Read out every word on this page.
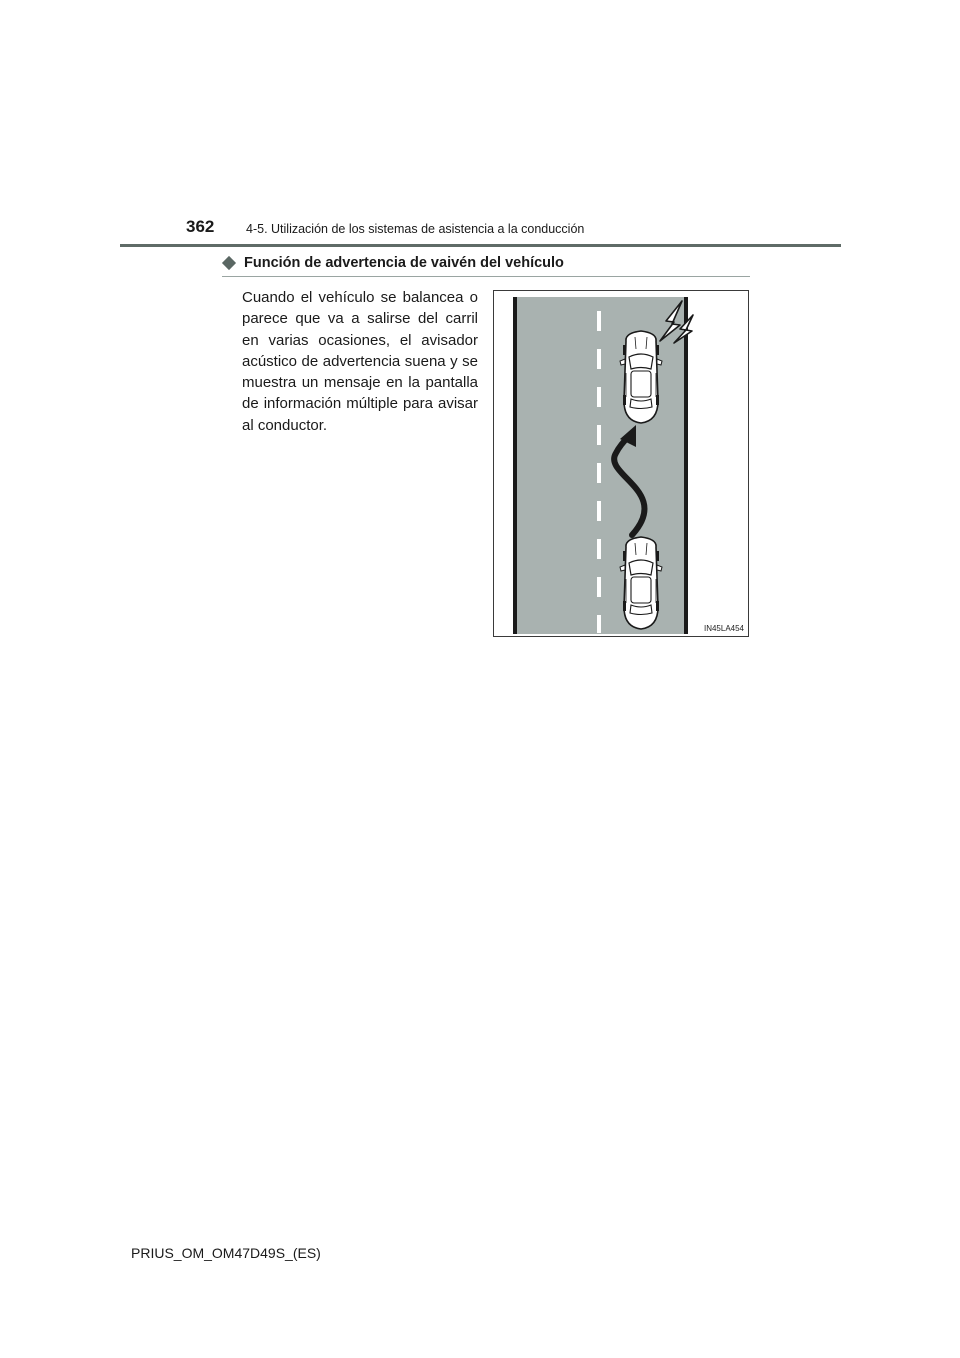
362	4-5. Utilización de los sistemas de asistencia a la conducción
Función de advertencia de vaivén del vehículo
Cuando el vehículo se balancea o parece que va a salirse del carril en varias ocasiones, el avisador acústico de advertencia suena y se muestra un mensaje en la pantalla de información múltiple para avisar al conductor.
IN45LA454
PRIUS_OM_OM47D49S_(ES)
